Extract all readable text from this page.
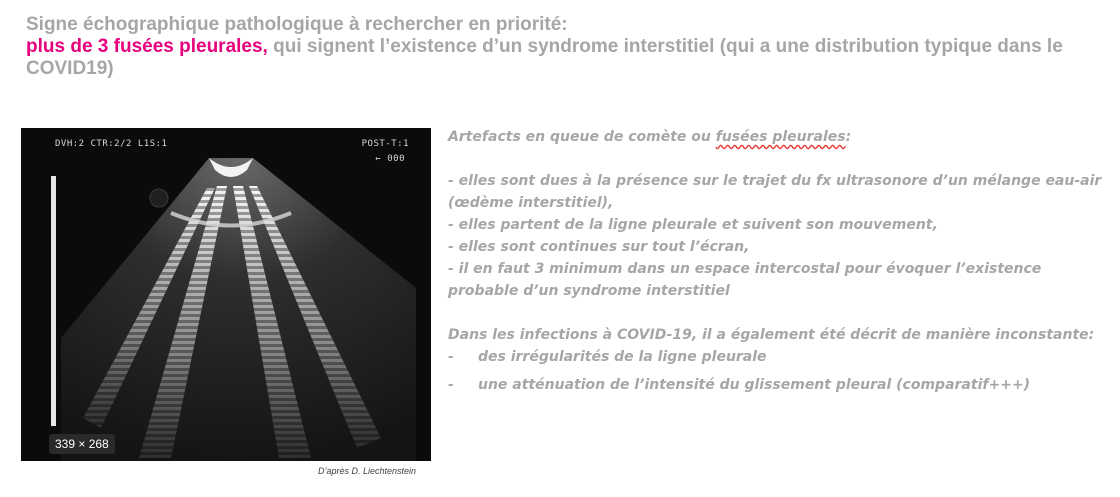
Signe échographique pathologique à rechercher en priorité:
plus de 3 fusées pleurales, qui signent l’existence d’un syndrome interstitiel (qui a une distribution typique dans le COVID19)
DVH:2 CTR:2/2 L1S:1	POST-T:1
← 000
339 × 268
D’après D. Liechtenstein

Artefacts en queue de comète ou fusées pleurales:

- elles sont dues à la présence sur le trajet du fx ultrasonore d’un mélange eau-air (œdème interstitiel),

- elles partent de la ligne pleurale et suivent son mouvement,

- elles sont continues sur tout l’écran,

- il en faut 3 minimum dans un espace intercostal pour évoquer l’existence probable d’un syndrome interstitiel

Dans les infections à COVID-19, il a également été décrit de manière inconstante:

-	des irrégularités de la ligne pleurale
-	une atténuation de l’intensité du glissement pleural (comparatif+++)
